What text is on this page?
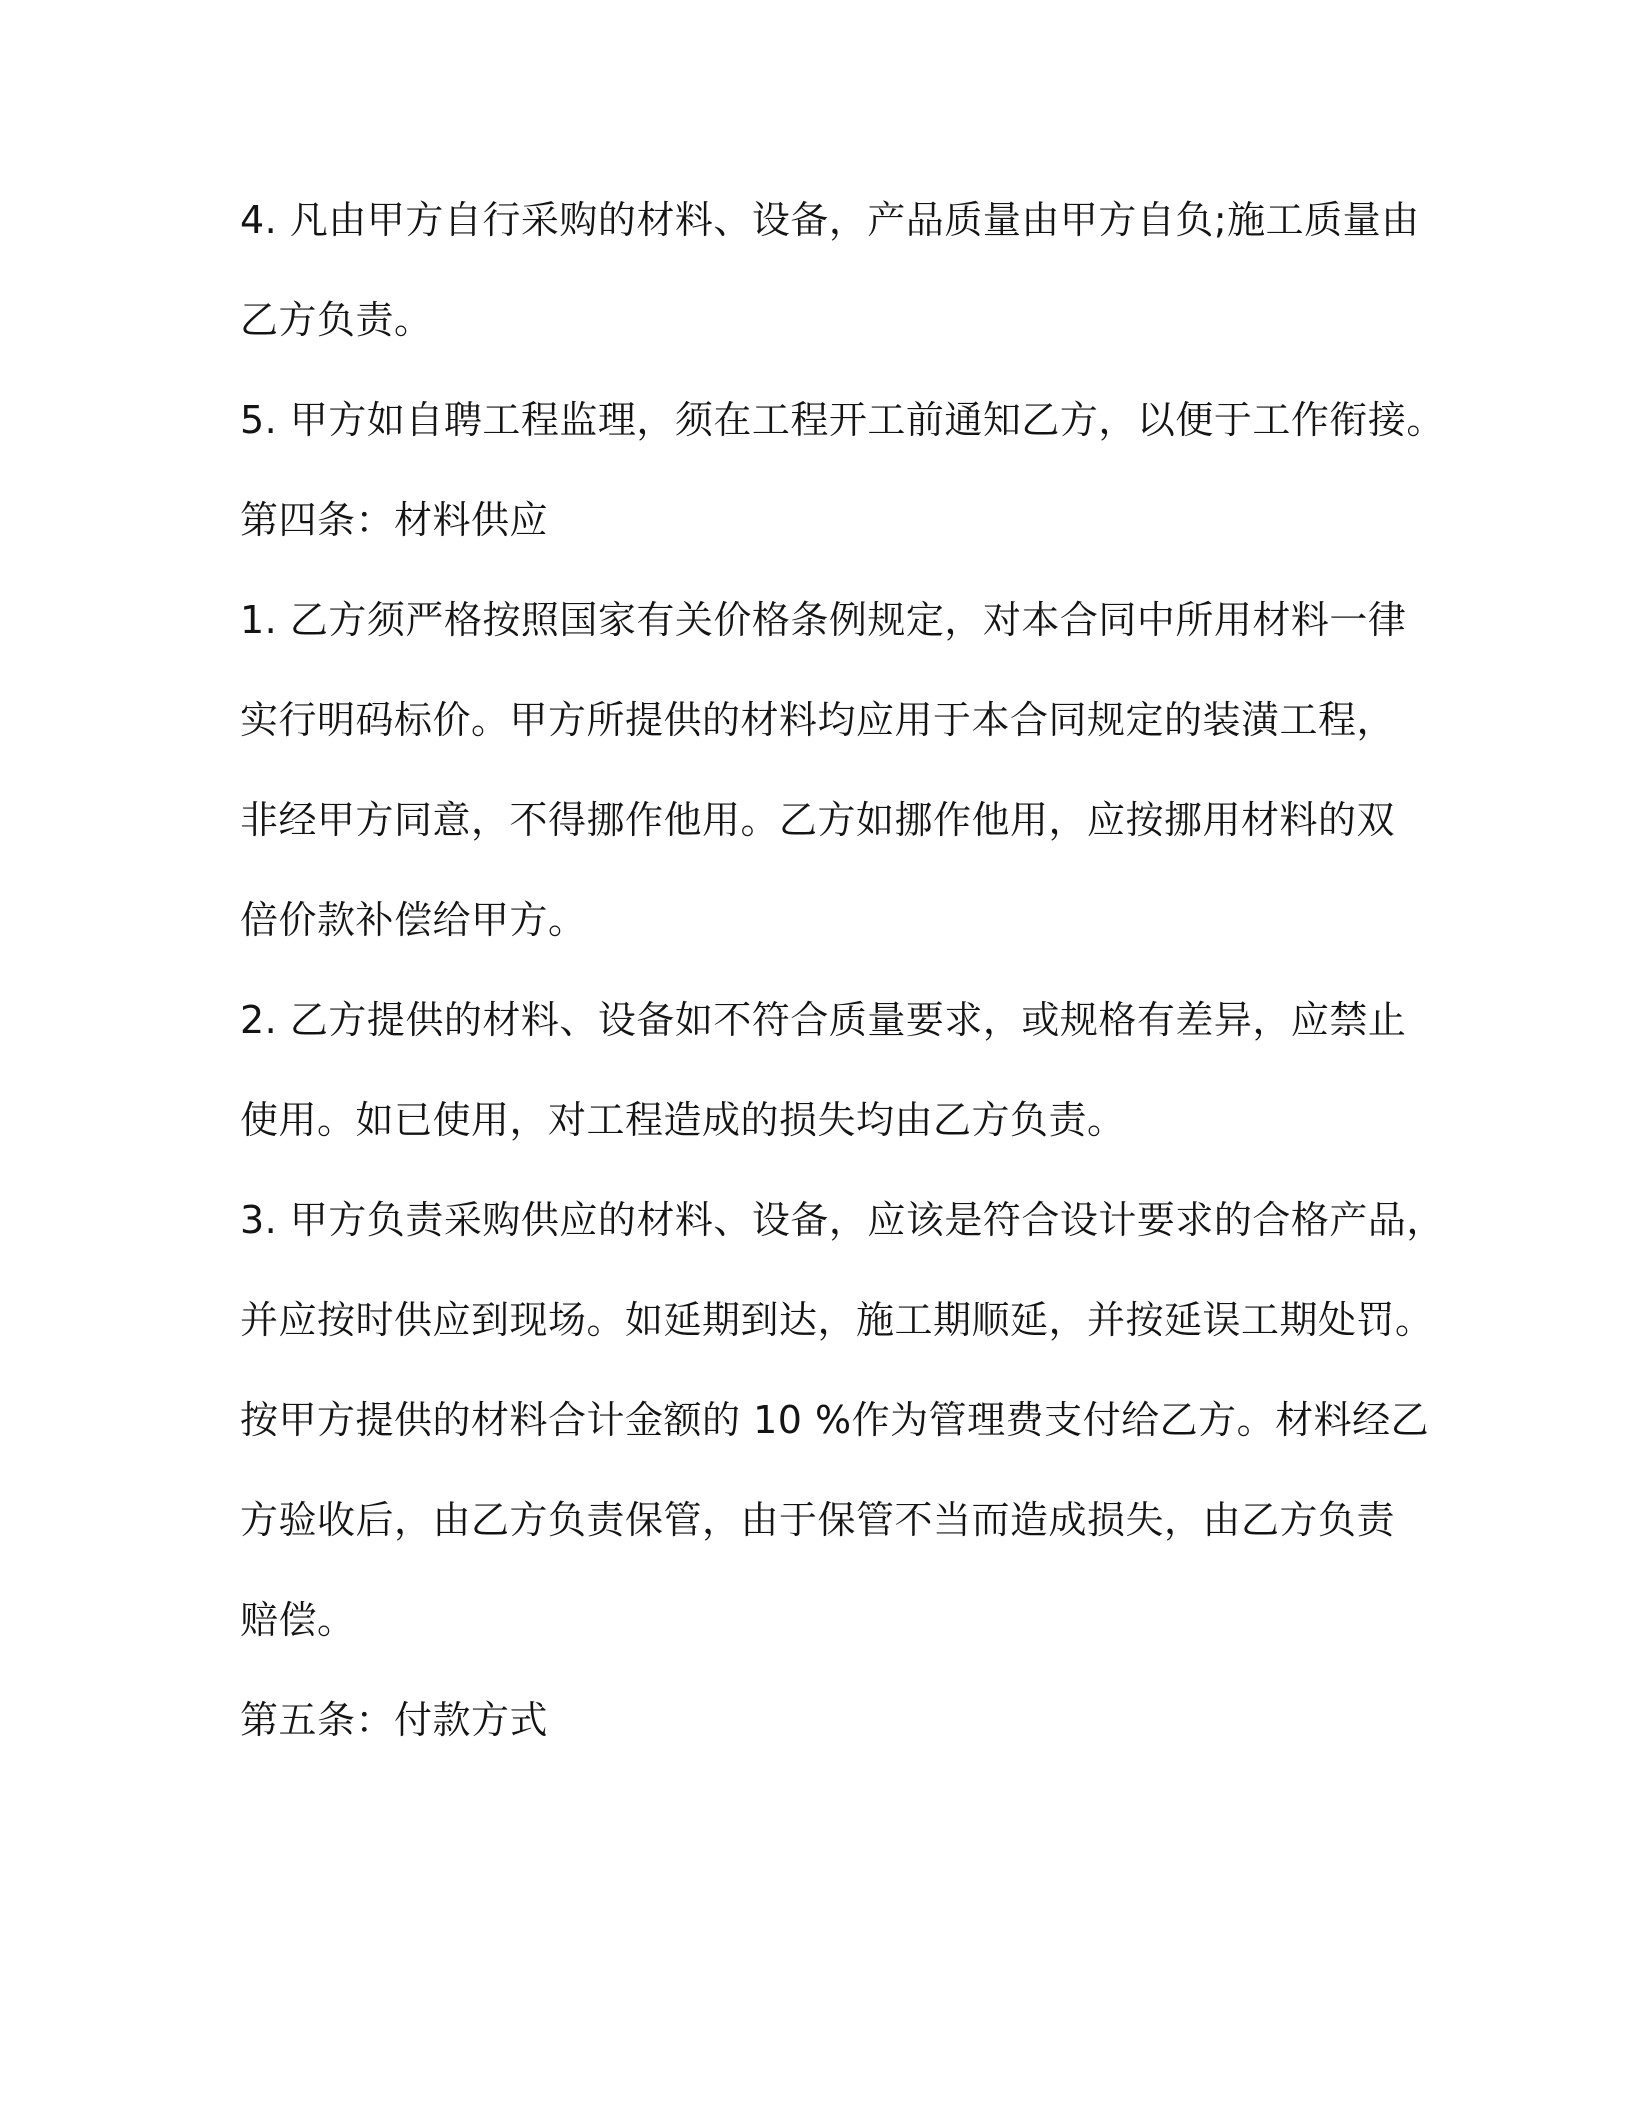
4. 凡由甲方自行采购的材料、设备，产品质量由甲方自负;施工质量由
乙方负责。
5. 甲方如自聘工程监理，须在工程开工前通知乙方，以便于工作衔接。
第四条：材料供应
1. 乙方须严格按照国家有关价格条例规定，对本合同中所用材料一律
实行明码标价。甲方所提供的材料均应用于本合同规定的装潢工程，
非经甲方同意，不得挪作他用。乙方如挪作他用，应按挪用材料的双
倍价款补偿给甲方。
2. 乙方提供的材料、设备如不符合质量要求，或规格有差异，应禁止
使用。如已使用，对工程造成的损失均由乙方负责。
3. 甲方负责采购供应的材料、设备，应该是符合设计要求的合格产品，
并应按时供应到现场。如延期到达，施工期顺延，并按延误工期处罚。
按甲方提供的材料合计金额的 10 %作为管理费支付给乙方。材料经乙
方验收后，由乙方负责保管，由于保管不当而造成损失，由乙方负责
赔偿。
第五条：付款方式
